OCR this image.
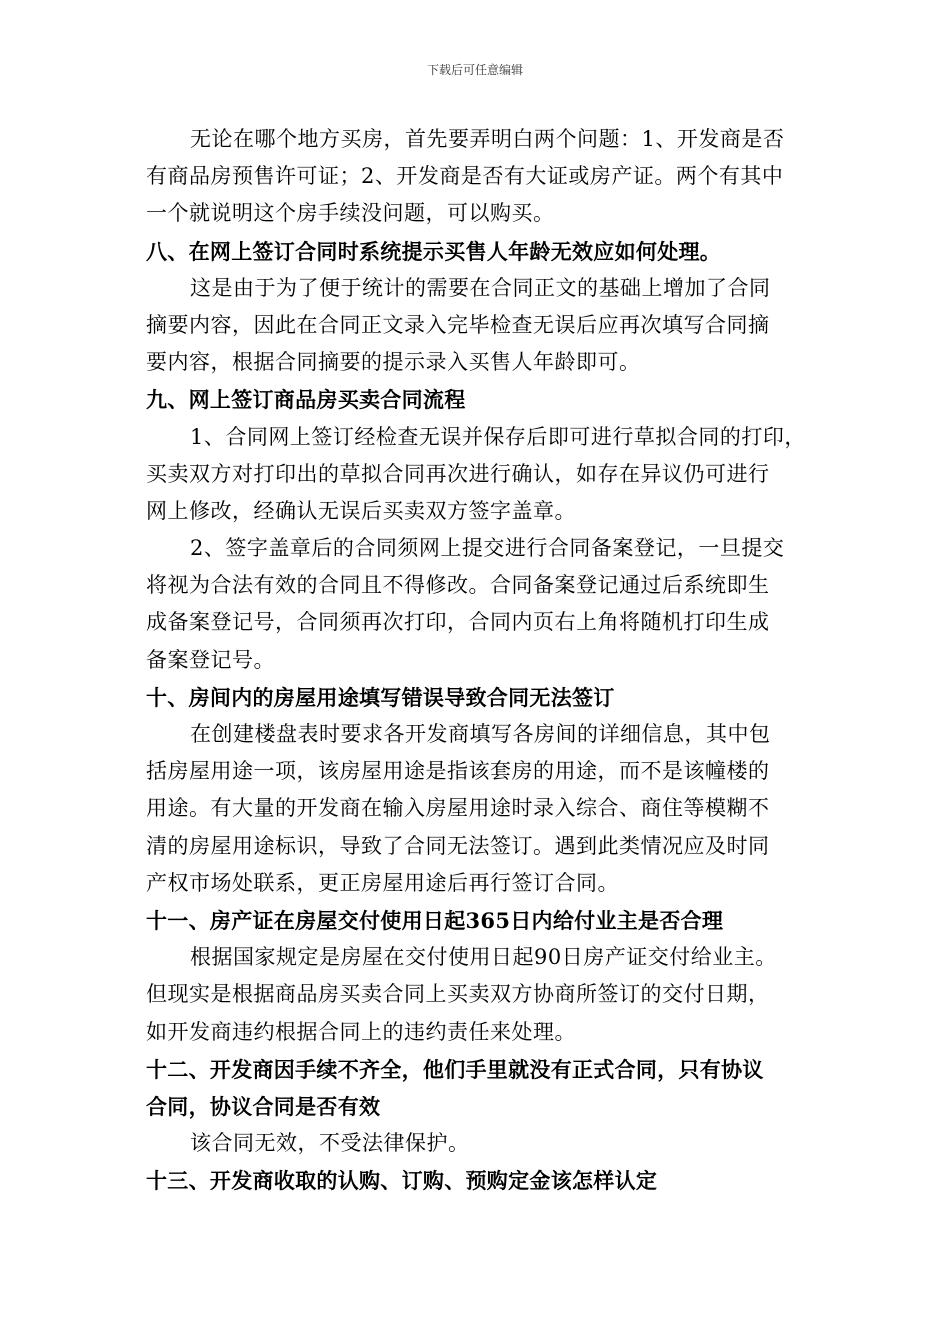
下载后可任意编辑
无论在哪个地方买房，首先要弄明白两个问题：1、开发商是否
有商品房预售许可证；2、开发商是否有大证或房产证。两个有其中
一个就说明这个房手续没问题，可以购买。
八、在网上签订合同时系统提示买售人年龄无效应如何处理。
这是由于为了便于统计的需要在合同正文的基础上增加了合同
摘要内容，因此在合同正文录入完毕检查无误后应再次填写合同摘
要内容，根据合同摘要的提示录入买售人年龄即可。
九、网上签订商品房买卖合同流程
1、合同网上签订经检查无误并保存后即可进行草拟合同的打印，
买卖双方对打印出的草拟合同再次进行确认，如存在异议仍可进行
网上修改，经确认无误后买卖双方签字盖章。
2、签字盖章后的合同须网上提交进行合同备案登记，一旦提交
将视为合法有效的合同且不得修改。合同备案登记通过后系统即生
成备案登记号，合同须再次打印，合同内页右上角将随机打印生成
备案登记号。
十、房间内的房屋用途填写错误导致合同无法签订
在创建楼盘表时要求各开发商填写各房间的详细信息，其中包
括房屋用途一项，该房屋用途是指该套房的用途，而不是该幢楼的
用途。有大量的开发商在输入房屋用途时录入综合、商住等模糊不
清的房屋用途标识，导致了合同无法签订。遇到此类情况应及时同
产权市场处联系，更正房屋用途后再行签订合同。
十一、房产证在房屋交付使用日起365日内给付业主是否合理
根据国家规定是房屋在交付使用日起90日房产证交付给业主。
但现实是根据商品房买卖合同上买卖双方协商所签订的交付日期，
如开发商违约根据合同上的违约责任来处理。
十二、开发商因手续不齐全，他们手里就没有正式合同，只有协议
合同，协议合同是否有效
该合同无效，不受法律保护。
十三、开发商收取的认购、订购、预购定金该怎样认定
